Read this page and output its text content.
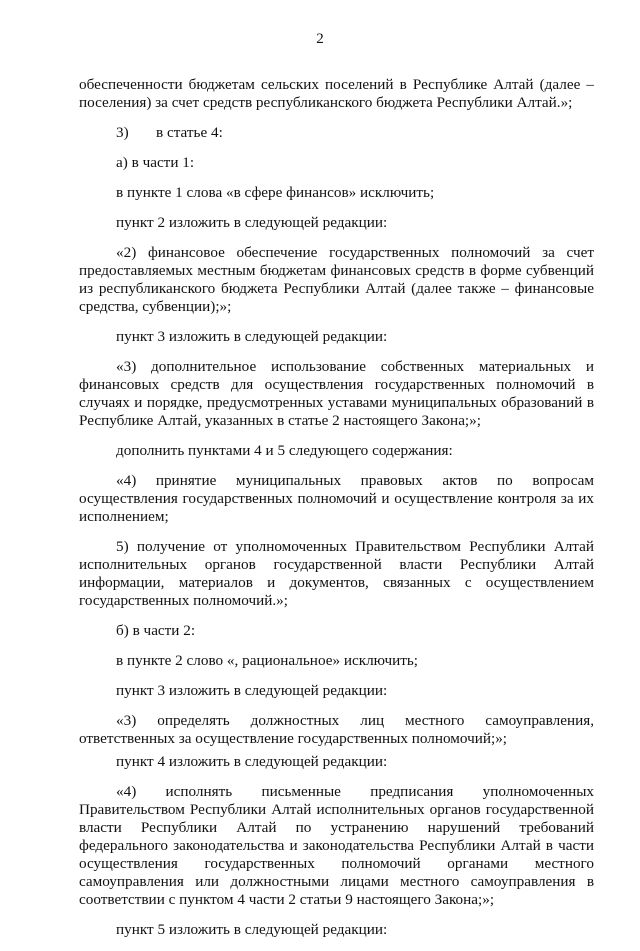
2

обеспеченности бюджетам сельских поселений в Республике Алтай (далее – поселения) за счет средств республиканского бюджета Республики Алтай.»;

3) в статье 4:

а) в части 1:

в пункте 1 слова «в сфере финансов» исключить;

пункт 2 изложить в следующей редакции:

«2) финансовое обеспечение государственных полномочий за счет предоставляемых местным бюджетам финансовых средств в форме субвенций из республиканского бюджета Республики Алтай (далее также – финансовые средства, субвенции);»;

пункт 3 изложить в следующей редакции:

«3) дополнительное использование собственных материальных и финансовых средств для осуществления государственных полномочий в случаях и порядке, предусмотренных уставами муниципальных образований в Республике Алтай, указанных в статье 2 настоящего Закона;»;

дополнить пунктами 4 и 5 следующего содержания:

«4) принятие муниципальных правовых актов по вопросам осуществления государственных полномочий и осуществление контроля за их исполнением;

5) получение от уполномоченных Правительством Республики Алтай исполнительных органов государственной власти Республики Алтай информации, материалов и документов, связанных с осуществлением государственных полномочий.»;

б) в части 2:

в пункте 2 слово «, рациональное» исключить;

пункт 3 изложить в следующей редакции:

«3) определять должностных лиц местного самоуправления, ответственных за осуществление государственных полномочий;»;

пункт 4 изложить в следующей редакции:

«4) исполнять письменные предписания уполномоченных Правительством Республики Алтай исполнительных органов государственной власти Республики Алтай по устранению нарушений требований федерального законодательства и законодательства Республики Алтай в части осуществления государственных полномочий органами местного самоуправления или должностными лицами местного самоуправления в соответствии с пунктом 4 части 2 статьи 9 настоящего Закона;»;

пункт 5 изложить в следующей редакции:
